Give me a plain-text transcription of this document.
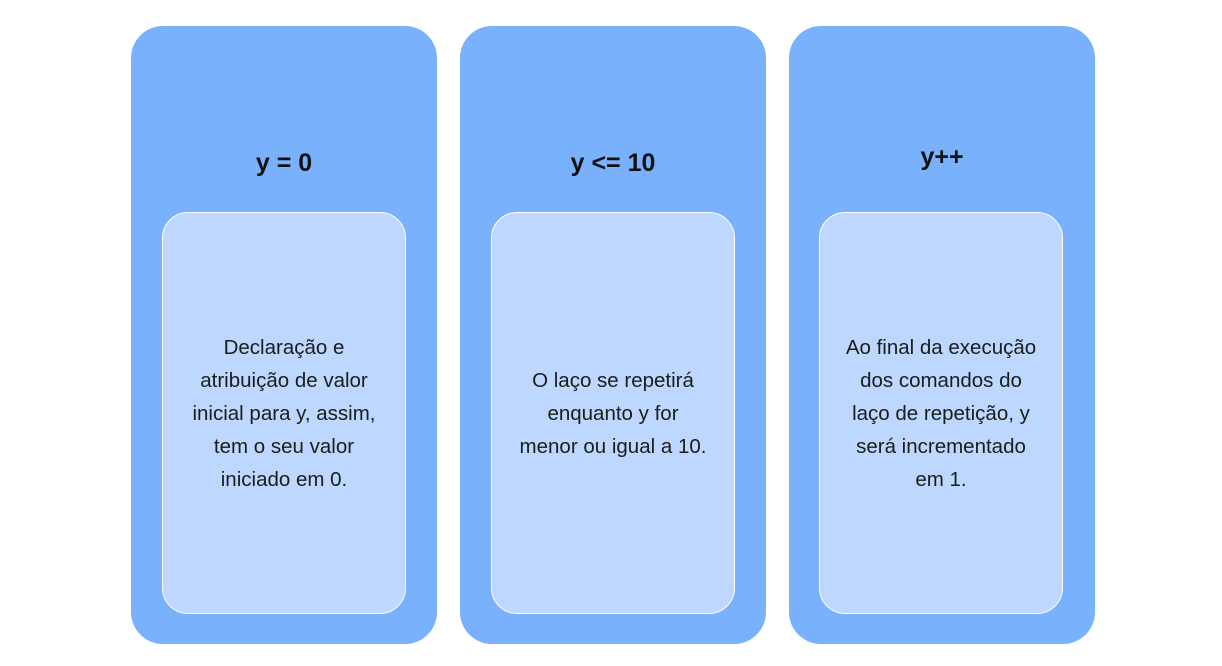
y = 0
Declaração e
atribuição de valor
inicial para y, assim,
tem o seu valor
iniciado em 0.
y <= 10
O laço se repetirá
enquanto y for
menor ou igual a 10.
y++
Ao final da execução
dos comandos do
laço de repetição, y
será incrementado
em 1.
